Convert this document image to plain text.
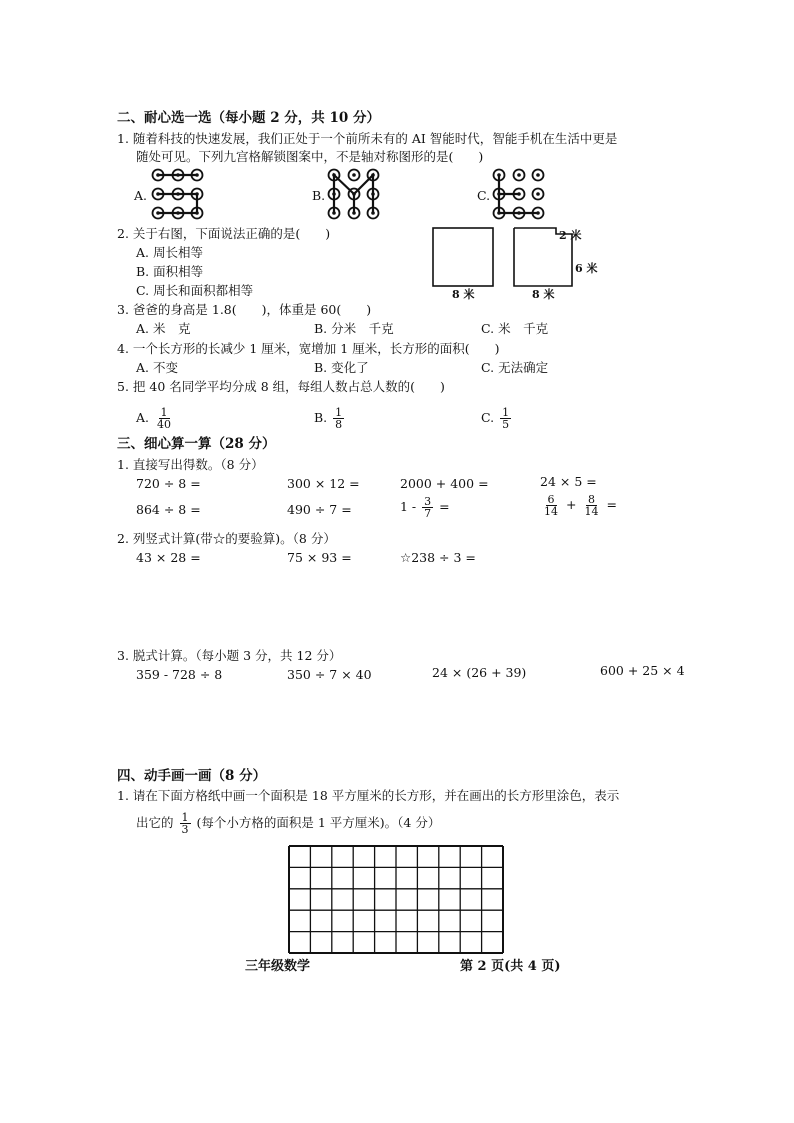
二、耐心选一选（每小题 2 分，共 10 分）
1. 随着科技的快速发展，我们正处于一个前所未有的 AI 智能时代，智能手机在生活中更是
随处可见。下列九宫格解锁图案中，不是轴对称图形的是(　　)
A.	B.	C.
2. 关于右图，下面说法正确的是(　　)
A. 周长相等
B. 面积相等
C. 周长和面积都相等	8 米	8 米
2 米
6 米
3. 爸爸的身高是 1.8(　　)，体重是 60(　　)
A. 米　克	B. 分米　千克	C. 米　千克
4. 一个长方形的长减少 1 厘米，宽增加 1 厘米，长方形的面积(　　)
A. 不变	B. 变化了	C. 无法确定
5. 把 40 名同学平均分成 8 组，每组人数占总人数的(　　)
A. $\frac{1}{40}$	B. $\frac{1}{8}$	C. $\frac{1}{5}$
三、细心算一算（28 分）
1. 直接写出得数。（8 分）
720 ÷ 8 =	300 × 12 =	2000 + 400 =	24 × 5 =
864 ÷ 8 =	490 ÷ 7 =	$1 - \frac{3}{7}$ =	$\frac{6}{14} + \frac{8}{14}$ =
2. 列竖式计算(带☆的要验算)。（8 分）
43 × 28 =	75 × 93 =	☆238 ÷ 3 =
3. 脱式计算。（每小题 3 分，共 12 分）
359 - 728 ÷ 8	350 ÷ 7 × 40	24 × (26 + 39)	600 + 25 × 4
四、动手画一画（8 分）
1. 请在下面方格纸中画一个面积是 18 平方厘米的长方形，并在画出的长方形里涂色，表示
出它的 $\frac{1}{3}$ (每个小方格的面积是 1 平方厘米)。（4 分）
三年级数学	第 2 页(共 4 页)
